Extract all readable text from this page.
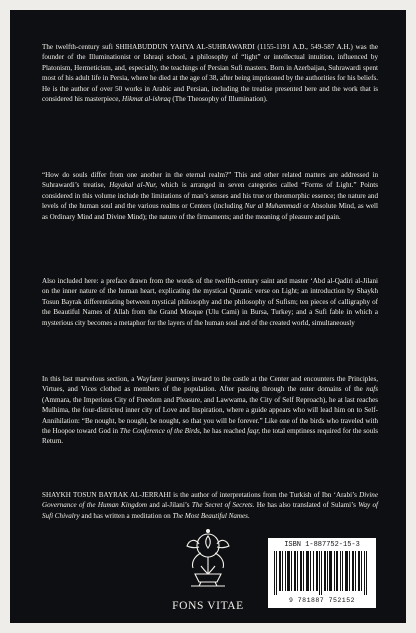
The twelfth-century sufi SHIHABUDDUN YAHYA AL-SUHRAWARDI (1155-1191 A.D., 549-587 A.H.) was the founder of the Illuminationist or Ishraqi school, a philosophy of “light” or intellectual intuition, influenced by Platonism, Hermeticism, and, especially, the teachings of Persian Sufi masters. Born in Azerbaijan, Suhrawardi spent most of his adult life in Persia, where he died at the age of 38, after being imprisoned by the authorities for his beliefs. He is the author of over 50 works in Arabic and Persian, including the treatise presented here and the work that is considered his masterpiece, Hikmat al-ishraq (The Theosophy of Illumination).

“How do souls differ from one another in the eternal realm?” This and other related matters are addressed in Suhrawardi’s treatise, Hayakal al-Nur, which is arranged in seven categories called “Forms of Light.” Points considered in this volume include the limitations of man’s senses and his true or theomorphic essence; the nature and levels of the human soul and the various realms or Centers (including Nur al Muhammadi or Absolute Mind, as well as Ordinary Mind and Divine Mind); the nature of the firmaments; and the meaning of pleasure and pain.

Also included here: a preface drawn from the words of the twelfth-century saint and master ‘Abd al-Qadiri al-Jilani on the inner nature of the human heart, explicating the mystical Quranic verse on Light; an introduction by Shaykh Tosun Bayrak differentiating between mystical philosophy and the philosophy of Sufism; ten pieces of calligraphy of the Beautiful Names of Allah from the Grand Mosque (Ulu Cami) in Bursa, Turkey; and a Sufi fable in which a mysterious city becomes a metaphor for the layers of the human soul and of the created world, simultaneously

In this last marvelous section, a Wayfarer journeys inward to the castle at the Center and encounters the Principles, Virtues, and Vices clothed as members of the population. After passing through the outer domains of the nafs (Ammara, the Imperious City of Freedom and Pleasure, and Lawwama, the City of Self Reproach), he at last reaches Mulhima, the four-districted inner city of Love and Inspiration, where a guide appears who will lead him on to Self-Annihilation: “Be nought, be nought, be nought, so that you will be forever.” Like one of the birds who traveled with the Hoopoe toward God in The Conference of the Birds, he has reached faqr, the total emptiness required for the souls Return.

SHAYKH TOSUN BAYRAK AL-JERRAHI is the author of interpretations from the Turkish of Ibn ‘Arabi’s Divine Governance of the Human Kingdom and al-Jilani’s The Secret of Secrets. He has also translated of Sulami’s Way of Sufi Chivalry and has written a meditation on The Most Beautiful Names.

FONS VITAE
ISBN 1-887752-15-3
9 781887 752152
